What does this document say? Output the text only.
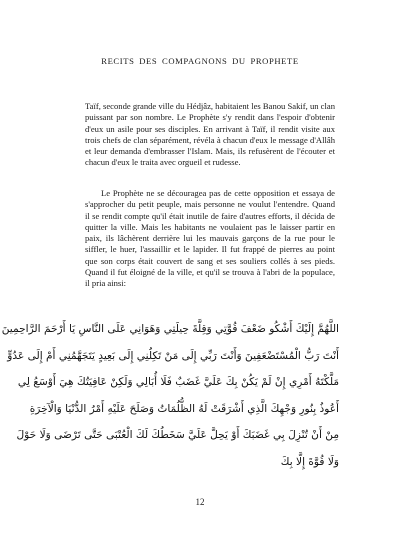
RECITS DES COMPAGNONS DU PROPHETE

Taïf, seconde grande ville du Hédjâz, habitaient les Banou Sakif, un clan puissant par son nombre. Le Prophète s'y rendit dans l'espoir d'obtenir d'eux un asile pour ses disciples. En arrivant à Taïf, il rendit visite aux trois chefs de clan séparément, révéla à chacun d'eux le message d'Allâh et leur demanda d'embrasser l'Islam. Mais, ils refusèrent de l'écouter et chacun d'eux le traita avec orgueil et rudesse.

Le Prophète ne se découragea pas de cette opposition et essaya de s'approcher du petit peuple, mais personne ne voulut l'entendre. Quand il se rendit compte qu'il était inutile de faire d'autres efforts, il décida de quitter la ville. Mais les habitants ne voulaient pas le laisser partir en paix, ils lâchèrent derrière lui les mauvais garçons de la rue pour le siffler, le huer, l'assaillir et le lapider. Il fut frappé de pierres au point que son corps était couvert de sang et ses souliers collés à ses pieds. Quand il fut éloigné de la ville, et qu'il se trouva à l'abri de la populace, il pria ainsi:

اللَّهُمَّ إِلَيْكَ أَشْكُو ضَعْفَ قُوَّتِي وَقِلَّةَ حِيلَتِي وَهَوَانِي عَلَى النَّاسِ يَا أَرْحَمَ الرَّاحِمِينَ
أَنْتَ رَبُّ الْمُسْتَضْعَفِينَ وَأَنْتَ رَبِّي إِلَى مَنْ تَكِلُنِي إِلَى بَعِيدٍ يَتَجَهَّمُنِي أَمْ إِلَى عَدُوٍّ
مَلَّكْتَهُ أَمْرِي إِنْ لَمْ يَكُنْ بِكَ عَلَيَّ غَضَبٌ فَلَا أُبَالِي وَلَكِنْ عَافِيَتُكَ هِيَ أَوْسَعُ لِي
أَعُوذُ بِنُورِ وَجْهِكَ الَّذِي أَشْرَقَتْ لَهُ الظُّلُمَاتُ وَصَلَحَ عَلَيْهِ أَمْرُ الدُّنْيَا وَالْآخِرَةِ
مِنْ أَنْ تُنْزِلَ بِي غَضَبَكَ أَوْ يَحِلَّ عَلَيَّ سَخَطُكَ لَكَ الْعُتْبَى حَتَّى تَرْضَى وَلَا حَوْلَ
وَلَا قُوَّةَ إِلَّا بِكَ
12
